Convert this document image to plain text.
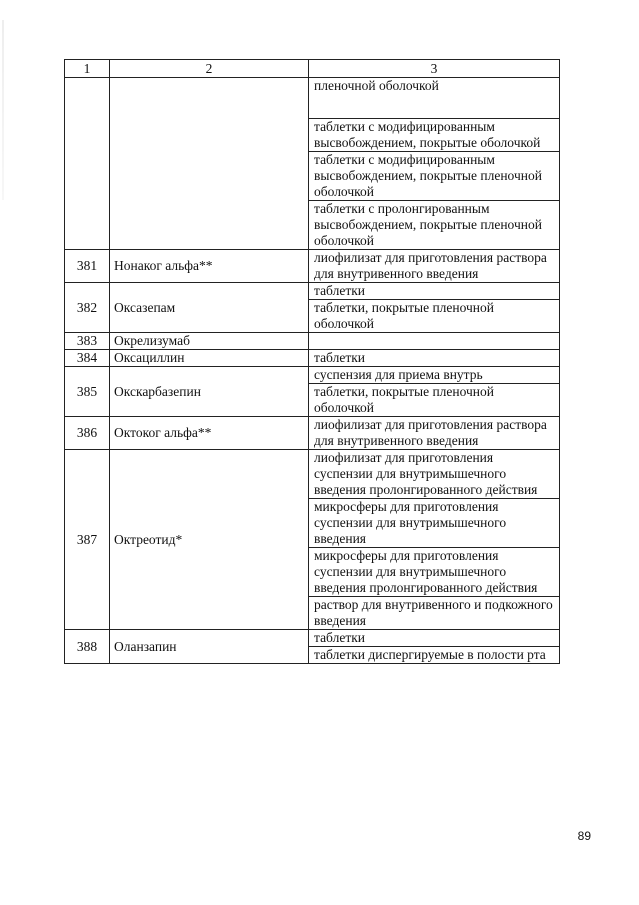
1	2	3
		пленочной оболочкой
		таблетки с модифицированным высвобождением, покрытые оболочкой
		таблетки с модифицированным высвобождением, покрытые пленочной оболочкой
		таблетки с пролонгированным высвобождением, покрытые пленочной оболочкой
381	Нонаког альфа**	лиофилизат для приготовления раствора для внутривенного введения
382	Оксазепам	таблетки
		таблетки, покрытые пленочной оболочкой
383	Окрелизумаб	
384	Оксациллин	таблетки
385	Окскарбазепин	суспензия для приема внутрь
		таблетки, покрытые пленочной оболочкой
386	Октоког альфа**	лиофилизат для приготовления раствора для внутривенного введения
387	Октреотид*	лиофилизат для приготовления суспензии для внутримышечного введения пролонгированного действия
		микросферы для приготовления суспензии для внутримышечного введения
		микросферы для приготовления суспензии для внутримышечного введения пролонгированного действия
		раствор для внутривенного и подкожного введения
388	Оланзапин	таблетки
		таблетки диспергируемые в полости рта
89
